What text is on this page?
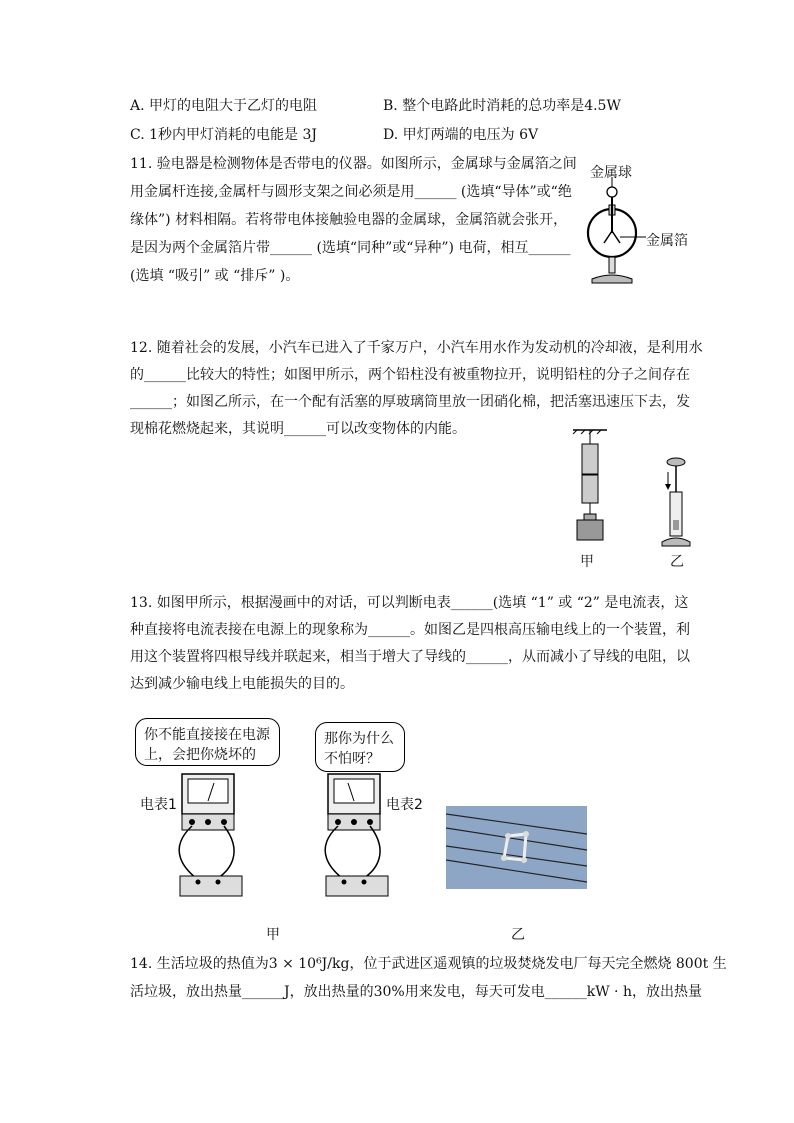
A. 甲灯的电阻大于乙灯的电阻	B. 整个电路此时消耗的总功率是4.5W
C. 1秒内甲灯消耗的电能是 3J	D. 甲灯两端的电压为 6V
11. 验电器是检测物体是否带电的仪器。如图所示，金属球与金属箔之间
用金属杆连接,金属杆与圆形支架之间必须是用______ (选填“导体”或“绝
缘体”) 材料相隔。若将带电体接触验电器的金属球，金属箔就会张开，
是因为两个金属箔片带______ (选填“同种”或“异种”) 电荷，相互______
(选填 “吸引” 或 “排斥” )。
金属球
金属箔
12. 随着社会的发展，小汽车已进入了千家万户，小汽车用水作为发动机的冷却液，是利用水
的______比较大的特性；如图甲所示，两个铅柱没有被重物拉开，说明铅柱的分子之间存在
______；如图乙所示，在一个配有活塞的厚玻璃筒里放一团硝化棉，把活塞迅速压下去，发
现棉花燃烧起来，其说明______可以改变物体的内能。
甲	乙
13. 如图甲所示，根据漫画中的对话，可以判断电表______(选填 “1” 或 “2” 是电流表，这
种直接将电流表接在电源上的现象称为______。如图乙是四根高压输电线上的一个装置，利
用这个装置将四根导线并联起来，相当于增大了导线的______，从而减小了导线的电阻，以
达到减少输电线上电能损失的目的。
你不能直接接在电源
上，会把你烧坏的
那你为什么
不怕呀？
电表1	电表2
甲	乙
14. 生活垃圾的热值为3 × 10⁶J/kg，位于武进区遥观镇的垃圾焚烧发电厂每天完全燃烧 800t 生
活垃圾，放出热量______J，放出热量的30%用来发电，每天可发电______kW · h，放出热量
